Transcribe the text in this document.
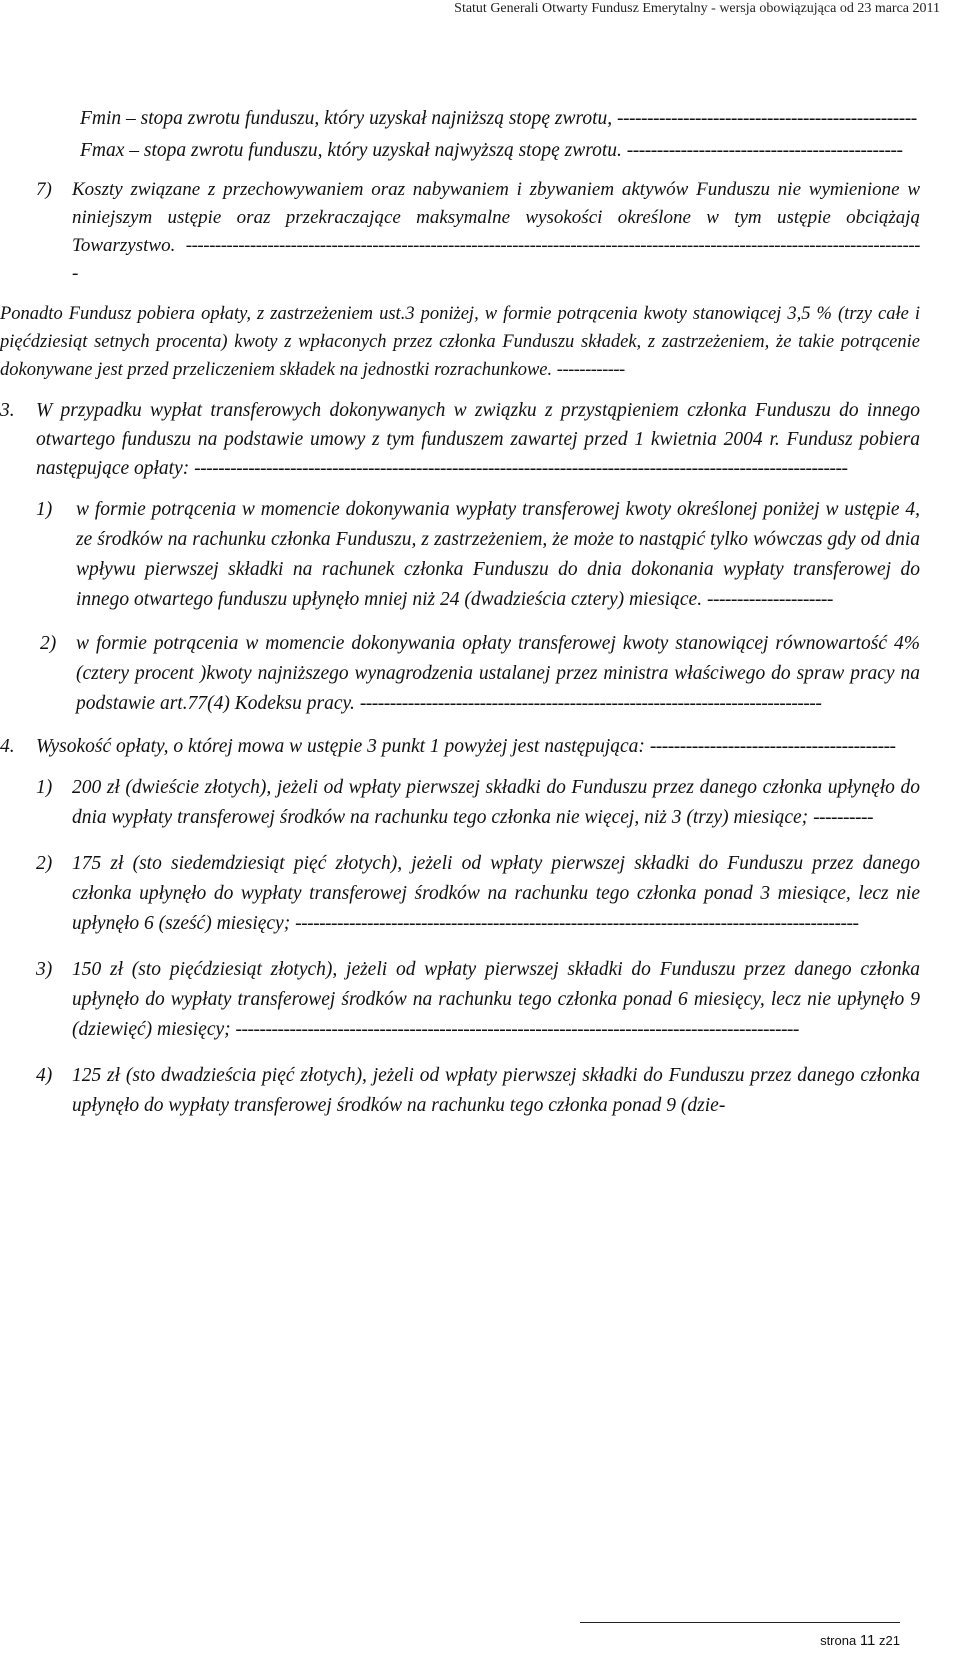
Statut Generali Otwarty Fundusz Emerytalny - wersja obowiązująca od 23 marca 2011

Fmin – stopa zwrotu funduszu, który uzyskał najniższą stopę zwrotu, --------------------------------------------------

Fmax – stopa zwrotu funduszu, który uzyskał najwyższą stopę zwrotu. ----------------------------------------------

7)	Koszty związane z przechowywaniem oraz nabywaniem i zbywaniem aktywów Funduszu nie wymienione w niniejszym ustępie oraz przekraczające maksymalne wysokości określone w tym ustępie obciążają Towarzystwo. -------------------------------------------------------------------------------------------------------------------------------

Ponadto Fundusz pobiera opłaty, z zastrzeżeniem ust.3 poniżej, w formie potrącenia kwoty stanowiącej 3,5 % (trzy całe i pięćdziesiąt setnych procenta) kwoty z wpłaconych przez członka Funduszu składek, z zastrzeżeniem, że takie potrącenie dokonywane jest przed przeliczeniem składek na jednostki rozrachunkowe. ------------

3.	W przypadku wypłat transferowych dokonywanych w związku z przystąpieniem członka Funduszu do innego otwartego funduszu na podstawie umowy z tym funduszem zawartej przed 1 kwietnia 2004 r. Fundusz pobiera następujące opłaty: -------------------------------------------------------------------------------------------------------------

1)	w formie potrącenia w momencie dokonywania wypłaty transferowej kwoty określonej poniżej w ustępie 4, ze środków na rachunku członka Funduszu, z zastrzeżeniem, że może to nastąpić tylko wówczas gdy od dnia wpływu pierwszej składki na rachunek członka Funduszu do dnia dokonania wypłaty transferowej do innego otwartego funduszu upłynęło mniej niż 24 (dwadzieścia cztery) miesiące. ---------------------

2)	w formie potrącenia w momencie dokonywania opłaty transferowej kwoty stanowiącej równowartość 4% (cztery procent )kwoty najniższego wynagrodzenia ustalanej przez ministra właściwego do spraw pracy na podstawie art.77(4) Kodeksu pracy. -----------------------------------------------------------------------------

4.	Wysokość opłaty, o której mowa w ustępie 3 punkt 1 powyżej jest następująca: -----------------------------------------

1)	200 zł (dwieście złotych), jeżeli od wpłaty pierwszej składki do Funduszu przez danego członka upłynęło do dnia wypłaty transferowej środków na rachunku tego członka nie więcej, niż 3 (trzy) miesiące; ----------

2)	175 zł (sto siedemdziesiąt pięć złotych), jeżeli od wpłaty pierwszej składki do Funduszu przez danego członka upłynęło do wypłaty transferowej środków na rachunku tego członka ponad 3 miesiące, lecz nie upłynęło 6 (sześć) miesięcy; ----------------------------------------------------------------------------------------------

3)	150 zł (sto pięćdziesiąt złotych), jeżeli od wpłaty pierwszej składki do Funduszu przez danego członka upłynęło do wypłaty transferowej środków na rachunku tego członka ponad 6 miesięcy, lecz nie upłynęło 9 (dziewięć) miesięcy; ----------------------------------------------------------------------------------------------

4)	125 zł (sto dwadzieścia pięć złotych), jeżeli od wpłaty pierwszej składki do Funduszu przez danego członka upłynęło do wypłaty transferowej środków na rachunku tego członka ponad 9 (dzie-

strona 11 z21
